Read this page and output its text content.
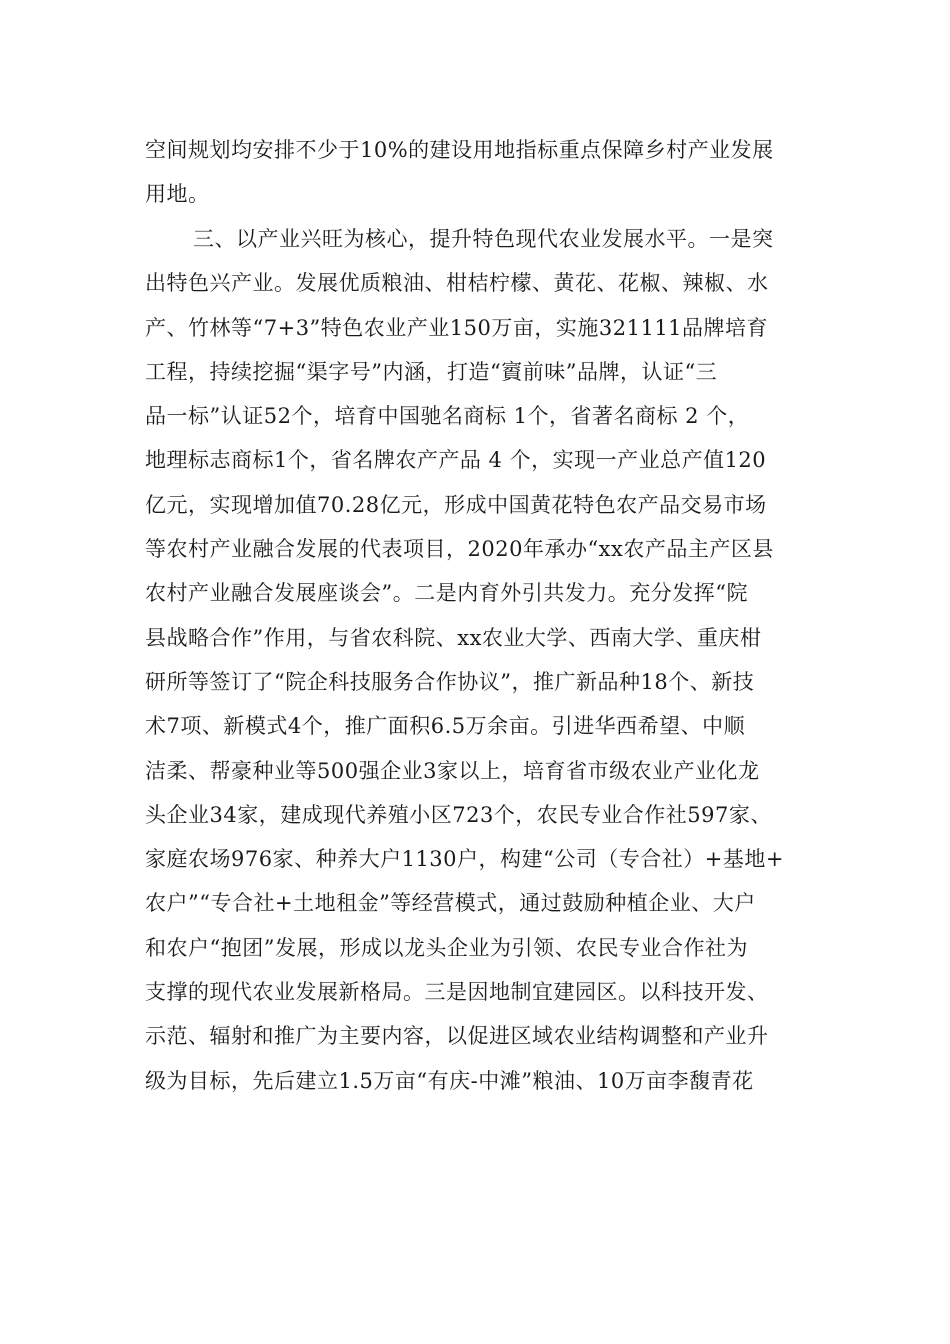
空间规划均安排不少于10%的建设用地指标重点保障乡村产业发展
用地。
三、以产业兴旺为核心，提升特色现代农业发展水平。一是突
出特色兴产业。发展优质粮油、柑桔柠檬、黄花、花椒、辣椒、水
产、竹林等“7+3”特色农业产业150万亩，实施321111品牌培育
工程，持续挖掘“渠字号”内涵，打造“賨前味”品牌，认证“三
品一标”认证52个，培育中国驰名商标 1个，省著名商标 2 个，
地理标志商标1个，省名牌农产产品 4 个，实现一产业总产值120
亿元，实现增加值70.28亿元，形成中国黄花特色农产品交易市场
等农村产业融合发展的代表项目，2020年承办“xx农产品主产区县
农村产业融合发展座谈会”。二是内育外引共发力。充分发挥“院
县战略合作”作用，与省农科院、xx农业大学、西南大学、重庆柑
研所等签订了“院企科技服务合作协议”，推广新品种18个、新技
术7项、新模式4个，推广面积6.5万余亩。引进华西希望、中顺
洁柔、帮豪种业等500强企业3家以上，培育省市级农业产业化龙
头企业34家，建成现代养殖小区723个，农民专业合作社597家、
家庭农场976家、种养大户1130户，构建“公司（专合社）+基地+
农户”“专合社+土地租金”等经营模式，通过鼓励种植企业、大户
和农户“抱团”发展，形成以龙头企业为引领、农民专业合作社为
支撑的现代农业发展新格局。三是因地制宜建园区。以科技开发、
示范、辐射和推广为主要内容，以促进区域农业结构调整和产业升
级为目标，先后建立1.5万亩“有庆-中滩”粮油、10万亩李馥青花
